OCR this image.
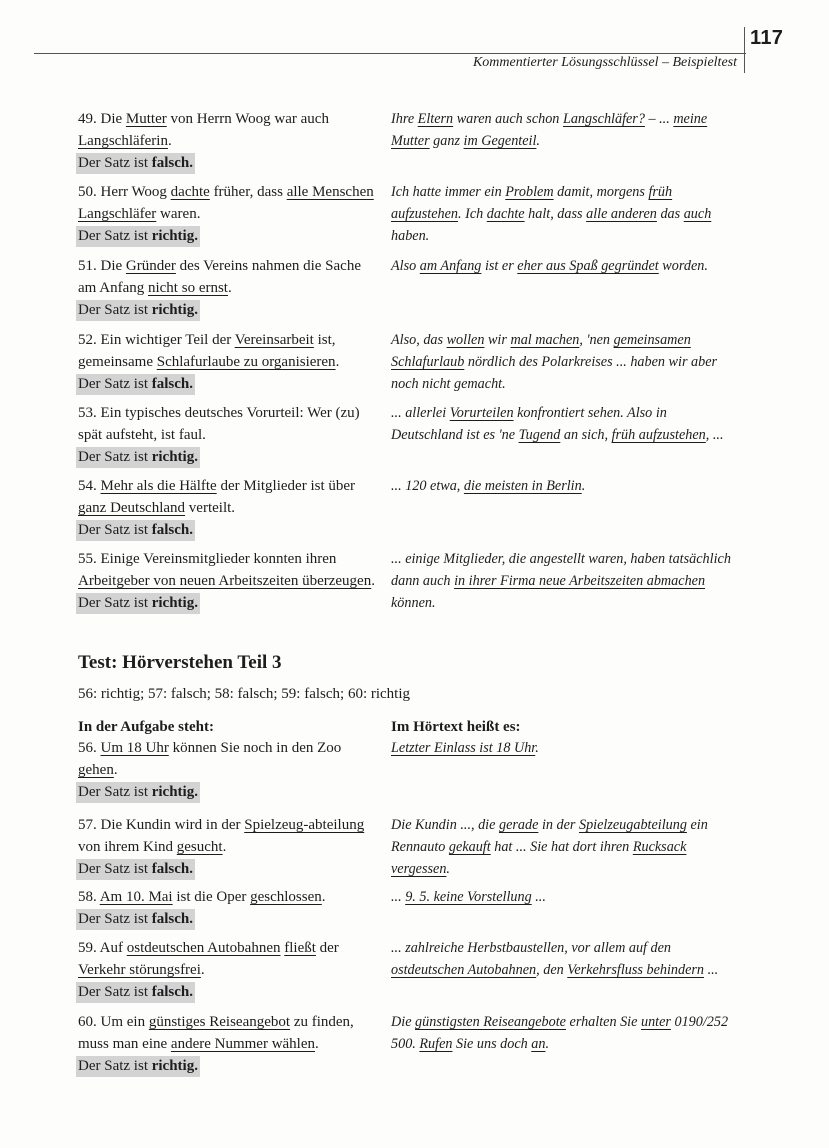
117
Kommentierter Lösungsschlüssel – Beispieltest
49. Die Mutter von Herrn Woog war auch Langschläferin.
Der Satz ist falsch.
Ihre Eltern waren auch schon Langschläfer? – ... meine Mutter ganz im Gegenteil.
50. Herr Woog dachte früher, dass alle Menschen Langschläfer waren.
Der Satz ist richtig.
Ich hatte immer ein Problem damit, morgens früh aufzustehen. Ich dachte halt, dass alle anderen das auch haben.
51. Die Gründer des Vereins nahmen die Sache am Anfang nicht so ernst.
Der Satz ist richtig.
Also am Anfang ist er eher aus Spaß gegründet worden.
52. Ein wichtiger Teil der Vereinsarbeit ist, gemeinsame Schlafurlaube zu organisieren.
Der Satz ist falsch.
Also, das wollen wir mal machen, 'nen gemeinsamen Schlafurlaub nördlich des Polarkreises ... haben wir aber noch nicht gemacht.
53. Ein typisches deutsches Vorurteil: Wer (zu) spät aufsteht, ist faul.
Der Satz ist richtig.
... allerlei Vorurteilen konfrontiert sehen. Also in Deutschland ist es 'ne Tugend an sich, früh aufzustehen, ...
54. Mehr als die Hälfte der Mitglieder ist über ganz Deutschland verteilt.
Der Satz ist falsch.
... 120 etwa, die meisten in Berlin.
55. Einige Vereinsmitglieder konnten ihren Arbeitgeber von neuen Arbeitszeiten überzeugen.
Der Satz ist richtig.
... einige Mitglieder, die angestellt waren, haben tatsächlich dann auch in ihrer Firma neue Arbeitszeiten abmachen können.
Test: Hörverstehen Teil 3
56: richtig; 57: falsch; 58: falsch; 59: falsch; 60: richtig
In der Aufgabe steht:	Im Hörtext heißt es:
56. Um 18 Uhr können Sie noch in den Zoo gehen.
Der Satz ist richtig.
Letzter Einlass ist 18 Uhr.
57. Die Kundin wird in der Spielzeug-abteilung von ihrem Kind gesucht.
Der Satz ist falsch.
Die Kundin ..., die gerade in der Spielzeugabteilung ein Rennauto gekauft hat ... Sie hat dort ihren Rucksack vergessen.
58. Am 10. Mai ist die Oper geschlossen.
Der Satz ist falsch.
... 9. 5. keine Vorstellung ...
59. Auf ostdeutschen Autobahnen fließt der Verkehr störungsfrei.
Der Satz ist falsch.
... zahlreiche Herbstbaustellen, vor allem auf den ostdeutschen Autobahnen, den Verkehrsfluss behindern ...
60. Um ein günstiges Reiseangebot zu finden, muss man eine andere Nummer wählen.
Der Satz ist richtig.
Die günstigsten Reiseangebote erhalten Sie unter 0190/252 500. Rufen Sie uns doch an.
